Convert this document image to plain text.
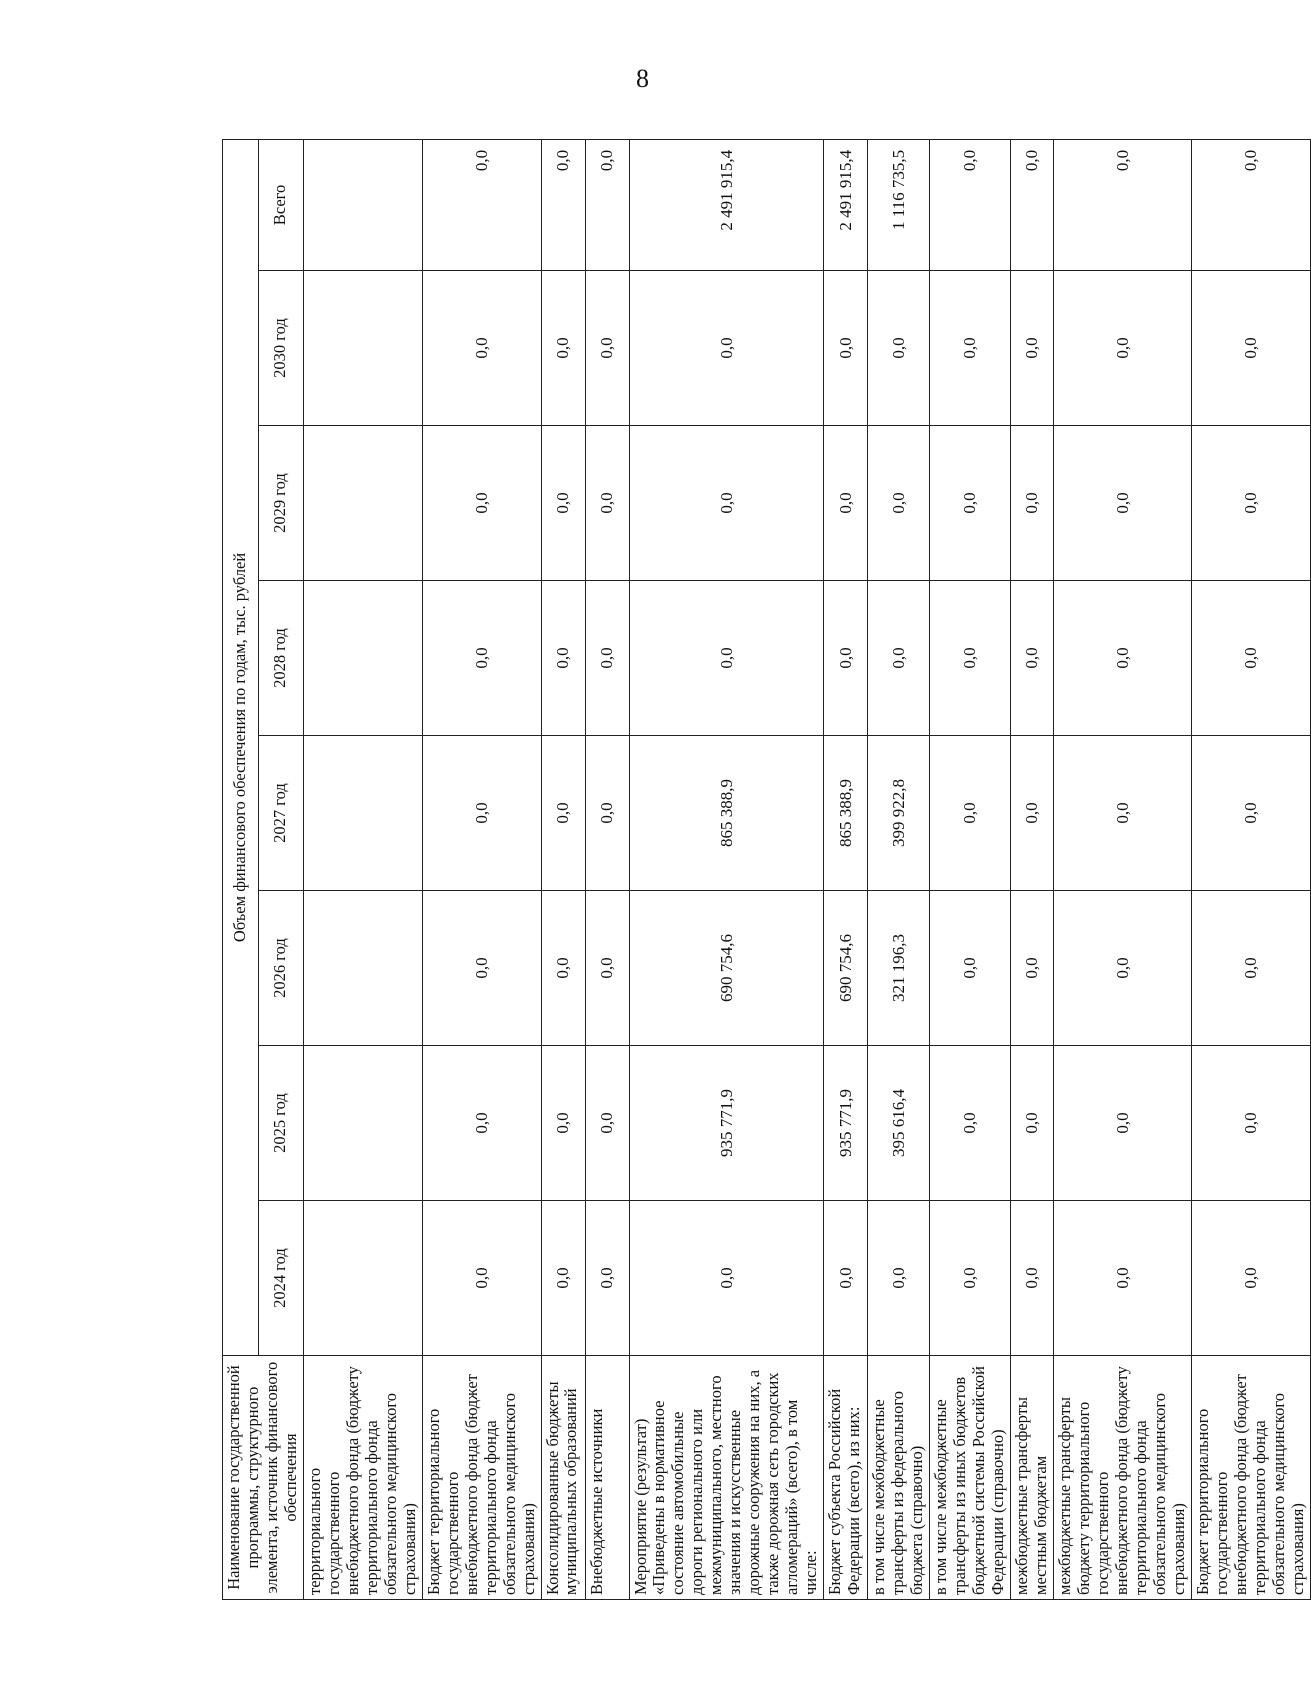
8
Наименование государственной программы, структурного элемента, источник финансового обеспечения	Объем финансового обеспечения по годам, тыс. рублей							
	2024 год	2025 год	2026 год	2027 год	2028 год	2029 год	2030 год	Всего
территориального государственного внебюджетного фонда (бюджету территориального фонда обязательного медицинского страхования)								
Бюджет территориального государственного внебюджетного фонда (бюджет территориального фонда обязательного медицинского страхования)	0,0	0,0	0,0	0,0	0,0	0,0	0,0	0,0
Консолидированные бюджеты муниципальных образований	0,0	0,0	0,0	0,0	0,0	0,0	0,0	0,0
Внебюджетные источники	0,0	0,0	0,0	0,0	0,0	0,0	0,0	0,0
Мероприятие (результат) «Приведены в нормативное состояние автомобильные дороги регионального или межмуниципального, местного значения и искусственные дорожные сооружения на них, а также дорожная сеть городских агломераций» (всего), в том числе:	0,0	935 771,9	690 754,6	865 388,9	0,0	0,0	0,0	2 491 915,4
Бюджет субъекта Российской Федерации (всего), из них:	0,0	935 771,9	690 754,6	865 388,9	0,0	0,0	0,0	2 491 915,4
в том числе межбюджетные трансферты из федерального бюджета (справочно)	0,0	395 616,4	321 196,3	399 922,8	0,0	0,0	0,0	1 116 735,5
в том числе межбюджетные трансферты из иных бюджетов бюджетной системы Российской Федерации (справочно)	0,0	0,0	0,0	0,0	0,0	0,0	0,0	0,0
межбюджетные трансферты местным бюджетам	0,0	0,0	0,0	0,0	0,0	0,0	0,0	0,0
межбюджетные трансферты бюджету территориального государственного внебюджетного фонда (бюджету территориального фонда обязательного медицинского страхования)	0,0	0,0	0,0	0,0	0,0	0,0	0,0	0,0
Бюджет территориального государственного внебюджетного фонда (бюджет территориального фонда обязательного медицинского страхования)	0,0	0,0	0,0	0,0	0,0	0,0	0,0	0,0
